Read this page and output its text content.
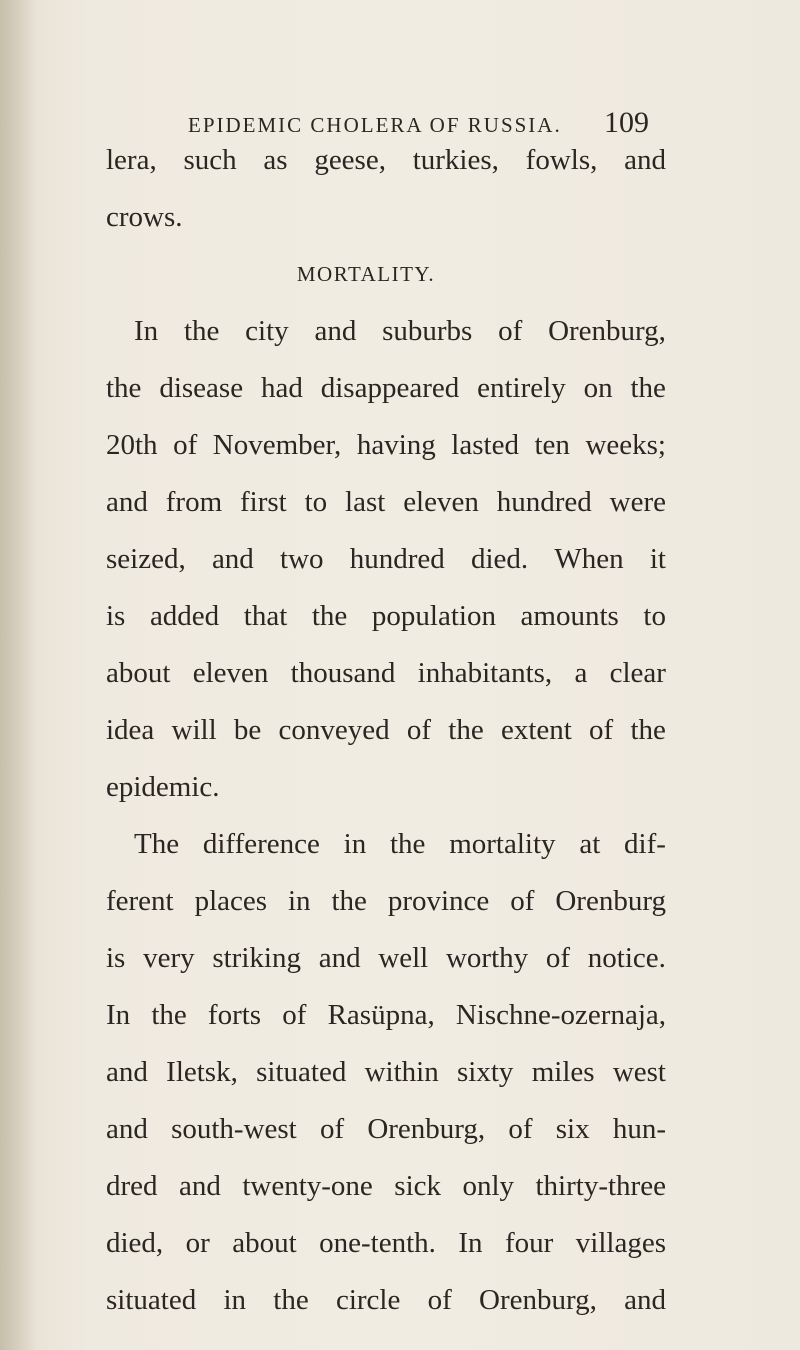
EPIDEMIC CHOLERA OF RUSSIA.	109
lera, such as geese, turkies, fowls, and
crows.
MORTALITY.
In the city and suburbs of Orenburg,
the disease had disappeared entirely on the
20th of November, having lasted ten weeks;
and from first to last eleven hundred were
seized, and two hundred died. When it
is added that the population amounts to
about eleven thousand inhabitants, a clear
idea will be conveyed of the extent of the
epidemic.
The difference in the mortality at dif-
ferent places in the province of Orenburg
is very striking and well worthy of notice.
In the forts of Rasüpna, Nischne-ozernaja,
and Iletsk, situated within sixty miles west
and south-west of Orenburg, of six hun-
dred and twenty-one sick only thirty-three
died, or about one-tenth. In four villages
situated in the circle of Orenburg, and
